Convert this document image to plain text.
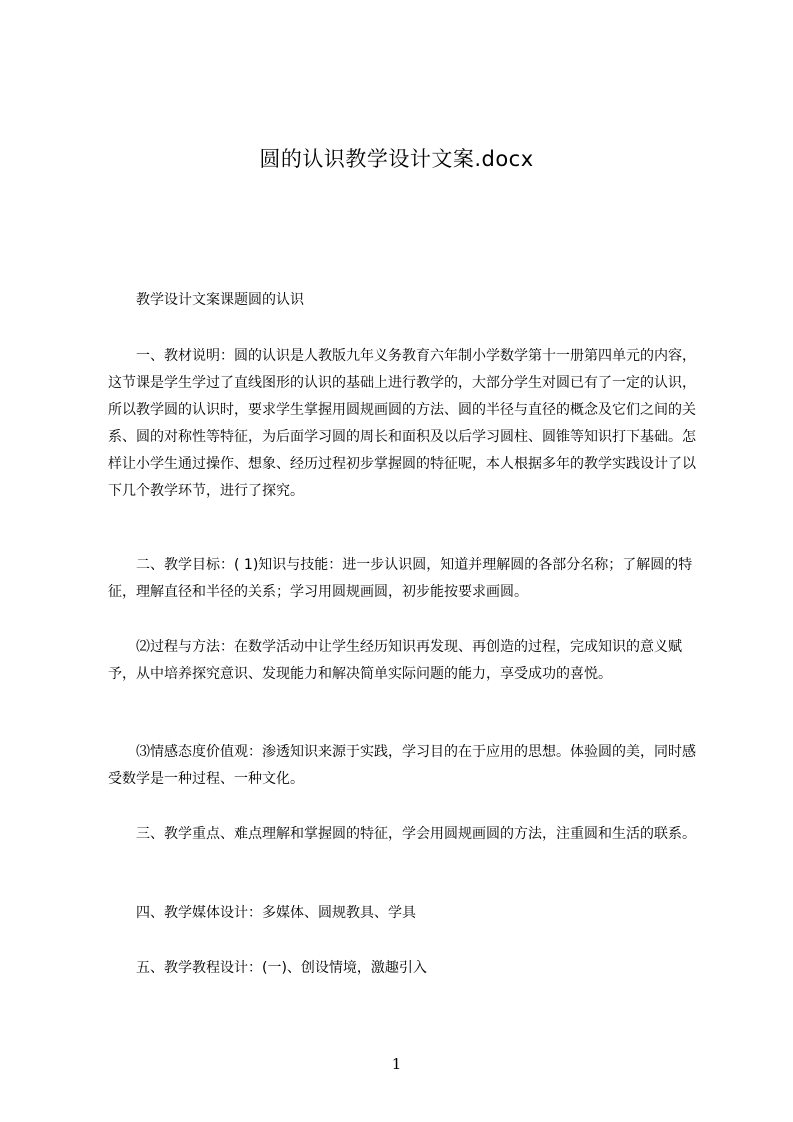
圆的认识教学设计文案.docx

教学设计文案课题圆的认识

一、教材说明：圆的认识是人教版九年义务教育六年制小学数学第十一册第四单元的内容，这节课是学生学过了直线图形的认识的基础上进行教学的，大部分学生对圆已有了一定的认识，所以教学圆的认识时，要求学生掌握用圆规画圆的方法、圆的半径与直径的概念及它们之间的关系、圆的对称性等特征，为后面学习圆的周长和面积及以后学习圆柱、圆锥等知识打下基础。怎样让小学生通过操作、想象、经历过程初步掌握圆的特征呢，本人根据多年的教学实践设计了以下几个教学环节，进行了探究。

二、教学目标：( 1)知识与技能：进一步认识圆，知道并理解圆的各部分名称；了解圆的特征，理解直径和半径的关系；学习用圆规画圆，初步能按要求画圆。

⑵过程与方法：在数学活动中让学生经历知识再发现、再创造的过程，完成知识的意义赋予，从中培养探究意识、发现能力和解决简单实际问题的能力，享受成功的喜悦。

⑶情感态度价值观：渗透知识来源于实践，学习目的在于应用的思想。体验圆的美，同时感受数学是一种过程、一种文化。

三、教学重点、难点理解和掌握圆的特征，学会用圆规画圆的方法，注重圆和生活的联系。

四、教学媒体设计：多媒体、圆规教具、学具

五、教学教程设计：(一)、创设情境，激趣引入

1
